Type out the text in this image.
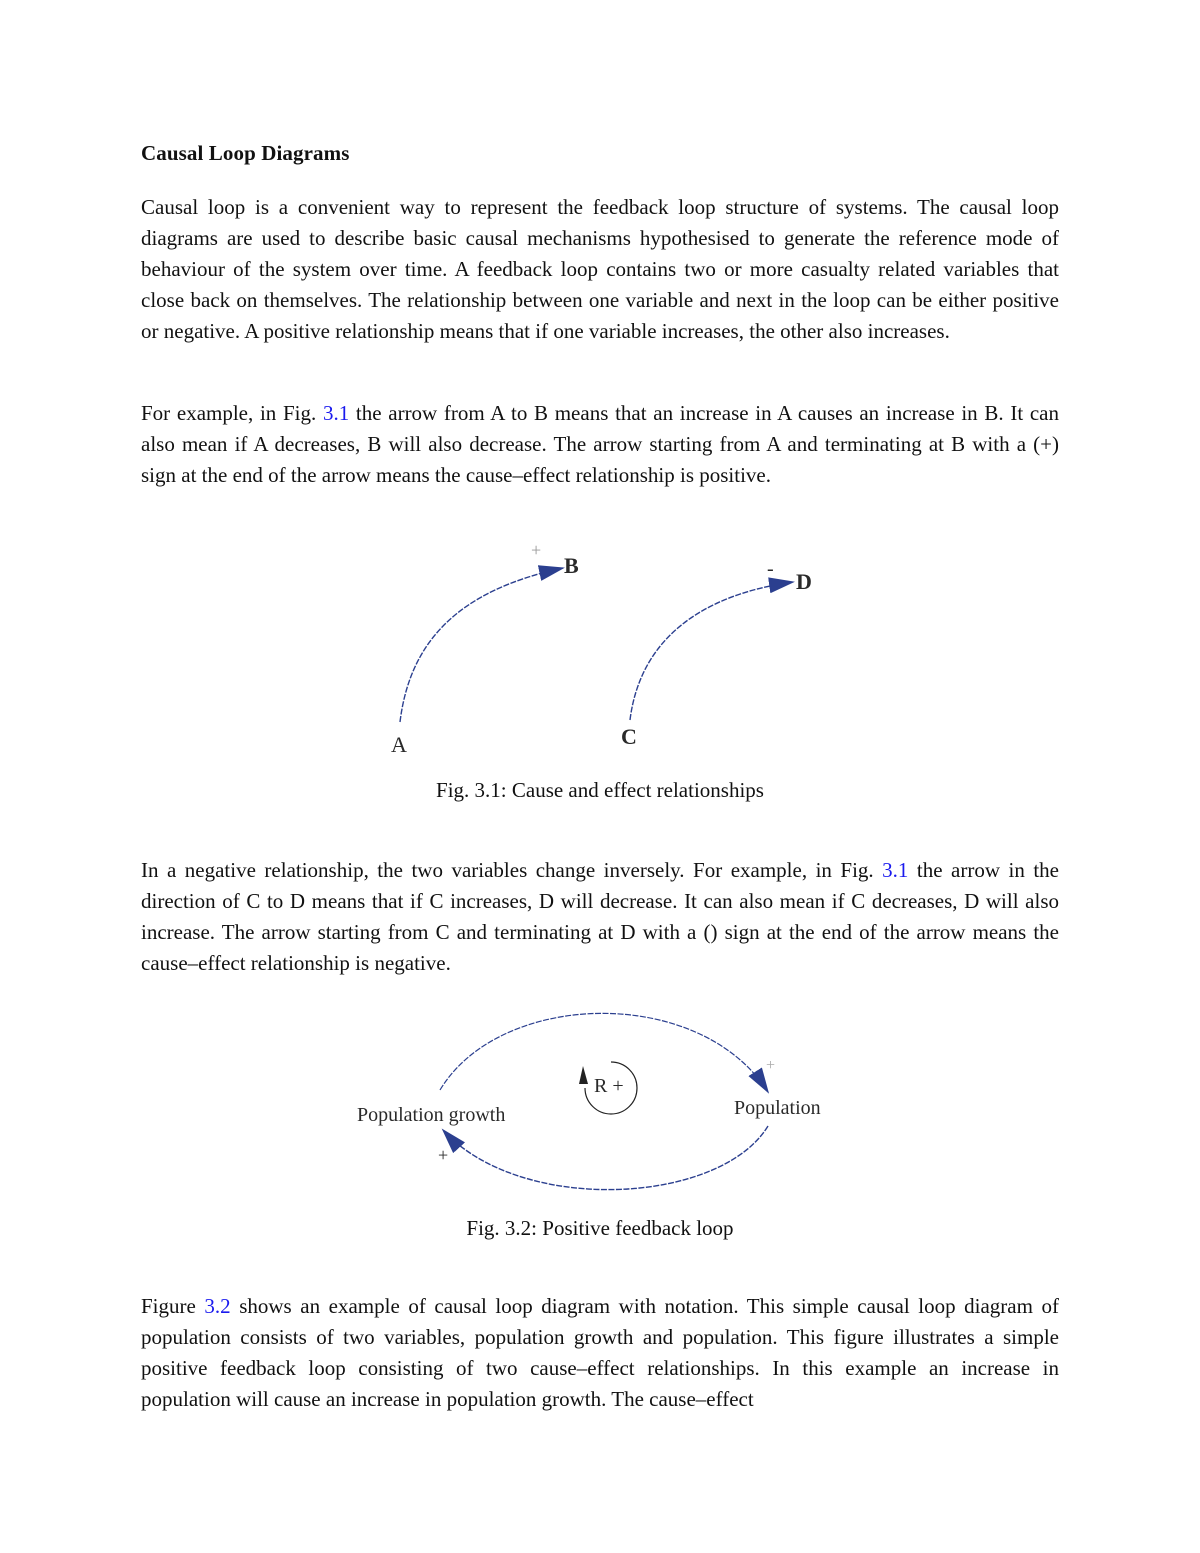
Causal Loop Diagrams
Causal loop is a convenient way to represent the feedback loop structure of systems. The causal loop diagrams are used to describe basic causal mechanisms hypothesised to generate the reference mode of behaviour of the system over time. A feedback loop contains two or more casualty related variables that close back on themselves. The relationship between one variable and next in the loop can be either positive or negative. A positive relationship means that if one variable increases, the other also increases.
For example, in Fig. 3.1 the arrow from A to B means that an increase in A causes an increase in B. It can also mean if A decreases, B will also decrease. The arrow starting from A and terminating at B with a (+) sign at the end of the arrow means the cause–effect relationship is positive.
A
B
C
D
+
-
Fig. 3.1: Cause and effect relationships
In a negative relationship, the two variables change inversely. For example, in Fig. 3.1 the arrow in the direction of C to D means that if C increases, D will decrease. It can also mean if C decreases, D will also increase. The arrow starting from C and terminating at D with a () sign at the end of the arrow means the cause–effect relationship is negative.
R +
Population growth	Population
+
+
Fig. 3.2: Positive feedback loop
Figure 3.2 shows an example of causal loop diagram with notation. This simple causal loop diagram of population consists of two variables, population growth and population. This figure illustrates a simple positive feedback loop consisting of two cause–effect relationships. In this example an increase in population will cause an increase in population growth. The cause–effect
